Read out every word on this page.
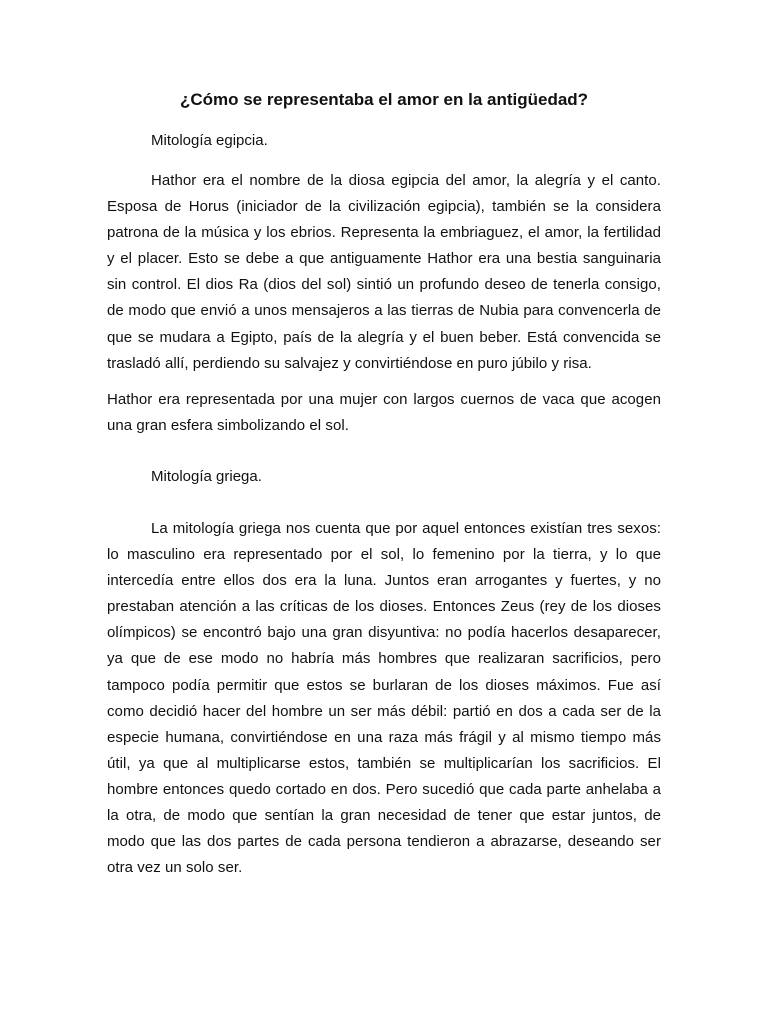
¿Cómo se representaba el amor en la antigüedad?

Mitología egipcia.

Hathor era el nombre de la diosa egipcia del amor, la alegría y el canto. Esposa de Horus (iniciador de la civilización egipcia), también se la considera patrona de la música y los ebrios. Representa la embriaguez, el amor, la fertilidad y el placer. Esto se debe a que antiguamente Hathor era una bestia sanguinaria sin control. El dios Ra (dios del sol) sintió un profundo deseo de tenerla consigo, de modo que envió a unos mensajeros a las tierras de Nubia para convencerla de que se mudara a Egipto, país de la alegría y el buen beber. Está convencida se trasladó allí, perdiendo su salvajez y convirtiéndose en puro júbilo y risa.

Hathor era representada por una mujer con largos cuernos de vaca que acogen una gran esfera simbolizando el sol.

Mitología griega.

La mitología griega nos cuenta que por aquel entonces existían tres sexos: lo masculino era representado por el sol, lo femenino por la tierra, y lo que intercedía entre ellos dos era la luna. Juntos eran arrogantes y fuertes, y no prestaban atención a las críticas de los dioses. Entonces Zeus (rey de los dioses olímpicos) se encontró bajo una gran disyuntiva: no podía hacerlos desaparecer, ya que de ese modo no habría más hombres que realizaran sacrificios, pero tampoco podía permitir que estos se burlaran de los dioses máximos. Fue así como decidió hacer del hombre un ser más débil: partió en dos a cada ser de la especie humana, convirtiéndose en una raza más frágil y al mismo tiempo más útil, ya que al multiplicarse estos, también se multiplicarían los sacrificios. El hombre entonces quedo cortado en dos. Pero sucedió que cada parte anhelaba a la otra, de modo que sentían la gran necesidad de tener que estar juntos, de modo que las dos partes de cada persona tendieron a abrazarse, deseando ser otra vez un solo ser.
